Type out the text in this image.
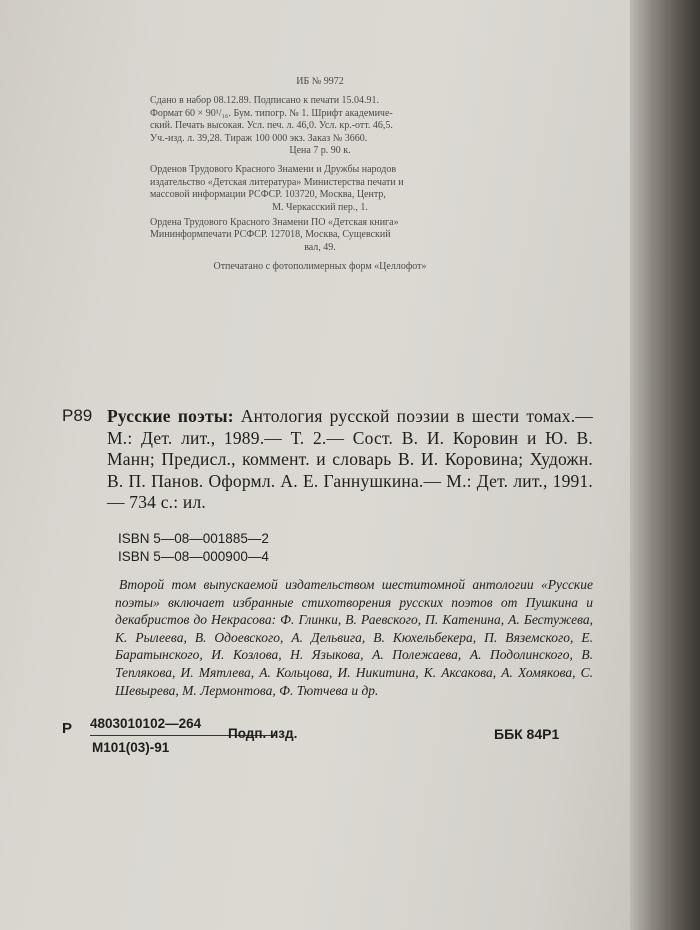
ИБ № 9972
Сдано в набор 08.12.89. Подписано к печати 15.04.91.
Формат 60 × 90¹/₁₆. Бум. типогр. № 1. Шрифт академиче-
ский. Печать высокая. Усл. печ. л. 46,0. Усл. кр.-отт. 46,5.
Уч.-изд. л. 39,28. Тираж 100 000 экз. Заказ № 3660.
Цена 7 р. 90 к.
Орденов Трудового Красного Знамени и Дружбы народов
издательство «Детская литература» Министерства печати и
массовой информации РСФСР. 103720, Москва, Центр,
М. Черкасский пер., 1.
Ордена Трудового Красного Знамени ПО «Детская книга»
Мининформпечати РСФСР. 127018, Москва, Сущевский
вал, 49.
Отпечатано с фотополимерных форм «Целлофот»
Р89 Русские поэты: Антология русской поэзии в шести томах.— М.: Дет. лит., 1989.— Т. 2.— Сост. В. И. Коровин и Ю. В. Манн; Предисл., коммент. и словарь В. И. Коровина; Художн. В. П. Панов. Оформл. А. Е. Ганнушкина.— М.: Дет. лит., 1991.— 734 с.: ил.
ISBN 5—08—001885—2
ISBN 5—08—000900—4
Второй том выпускаемой издательством шеститомной антологии «Русские поэты» включает избранные стихотворения русских поэтов от Пушкина и декабристов до Некрасова: Ф. Глинки, В. Раевского, П. Катенина, А. Бестужева, К. Рылеева, В. Одоевского, А. Дельвига, В. Кюхельбекера, П. Вяземского, Е. Баратынского, И. Козлова, Н. Языкова, А. Полежаева, А. Подолинского, В. Теплякова, И. Мятлева, А. Кольцова, И. Никитина, К. Аксакова, А. Хомякова, С. Шевырева, М. Лермонтова, Ф. Тютчева и др.
Р 4803010102—264
М101(03)-91
Подп. изд.	ББК 84Р1
